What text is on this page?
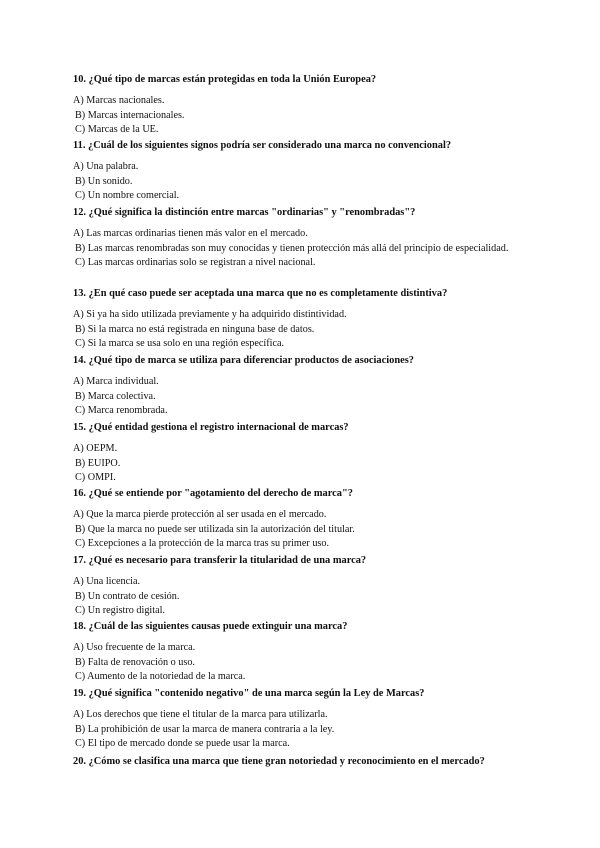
10. ¿Qué tipo de marcas están protegidas en toda la Unión Europea?

A) Marcas nacionales.
B) Marcas internacionales.
C) Marcas de la UE.

11. ¿Cuál de los siguientes signos podría ser considerado una marca no convencional?

A) Una palabra.
B) Un sonido.
C) Un nombre comercial.

12. ¿Qué significa la distinción entre marcas "ordinarias" y "renombradas"?

A) Las marcas ordinarias tienen más valor en el mercado.
B) Las marcas renombradas son muy conocidas y tienen protección más allá del principio de especialidad.
C) Las marcas ordinarias solo se registran a nivel nacional.

13. ¿En qué caso puede ser aceptada una marca que no es completamente distintiva?

A) Si ya ha sido utilizada previamente y ha adquirido distintividad.
B) Si la marca no está registrada en ninguna base de datos.
C) Si la marca se usa solo en una región específica.

14. ¿Qué tipo de marca se utiliza para diferenciar productos de asociaciones?

A) Marca individual.
B) Marca colectiva.
C) Marca renombrada.

15. ¿Qué entidad gestiona el registro internacional de marcas?

A) OEPM.
B) EUIPO.
C) OMPI.

16. ¿Qué se entiende por "agotamiento del derecho de marca"?

A) Que la marca pierde protección al ser usada en el mercado.
B) Que la marca no puede ser utilizada sin la autorización del titular.
C) Excepciones a la protección de la marca tras su primer uso.

17. ¿Qué es necesario para transferir la titularidad de una marca?

A) Una licencia.
B) Un contrato de cesión.
C) Un registro digital.

18. ¿Cuál de las siguientes causas puede extinguir una marca?

A) Uso frecuente de la marca.
B) Falta de renovación o uso.
C) Aumento de la notoriedad de la marca.

19. ¿Qué significa "contenido negativo" de una marca según la Ley de Marcas?

A) Los derechos que tiene el titular de la marca para utilizarla.
B) La prohibición de usar la marca de manera contraria a la ley.
C) El tipo de mercado donde se puede usar la marca.

20. ¿Cómo se clasifica una marca que tiene gran notoriedad y reconocimiento en el mercado?
